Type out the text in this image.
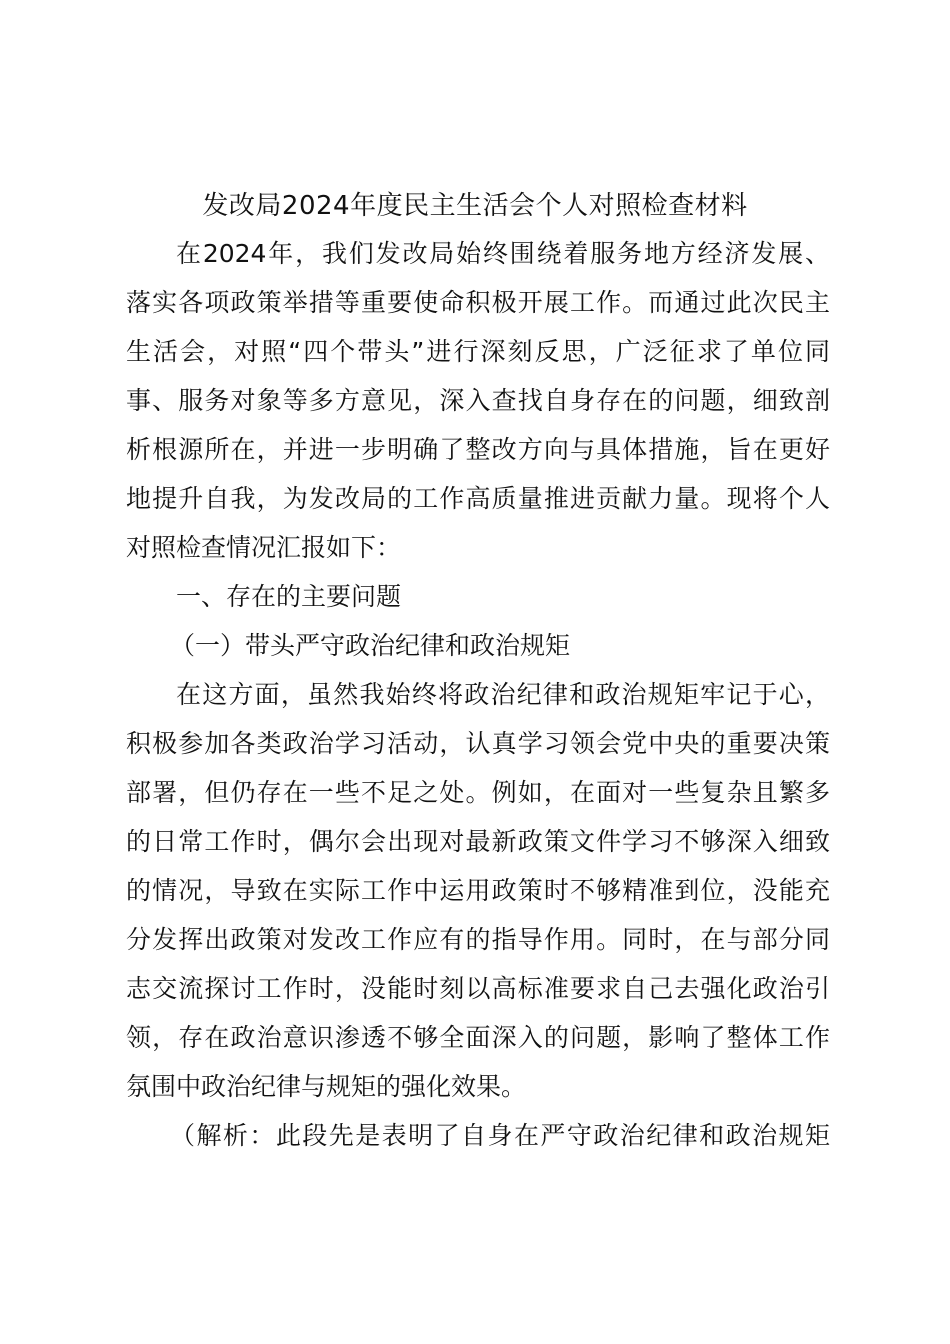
发改局2024年度民主生活会个人对照检查材料
在2024年，我们发改局始终围绕着服务地方经济发展、
落实各项政策举措等重要使命积极开展工作。而通过此次民主
生活会，对照“四个带头”进行深刻反思，广泛征求了单位同
事、服务对象等多方意见，深入查找自身存在的问题，细致剖
析根源所在，并进一步明确了整改方向与具体措施，旨在更好
地提升自我，为发改局的工作高质量推进贡献力量。现将个人
对照检查情况汇报如下：
一、存在的主要问题
（一）带头严守政治纪律和政治规矩
在这方面，虽然我始终将政治纪律和政治规矩牢记于心，
积极参加各类政治学习活动，认真学习领会党中央的重要决策
部署，但仍存在一些不足之处。例如，在面对一些复杂且繁多
的日常工作时，偶尔会出现对最新政策文件学习不够深入细致
的情况，导致在实际工作中运用政策时不够精准到位，没能充
分发挥出政策对发改工作应有的指导作用。同时，在与部分同
志交流探讨工作时，没能时刻以高标准要求自己去强化政治引
领，存在政治意识渗透不够全面深入的问题，影响了整体工作
氛围中政治纪律与规矩的强化效果。
（解析：此段先是表明了自身在严守政治纪律和政治规矩
